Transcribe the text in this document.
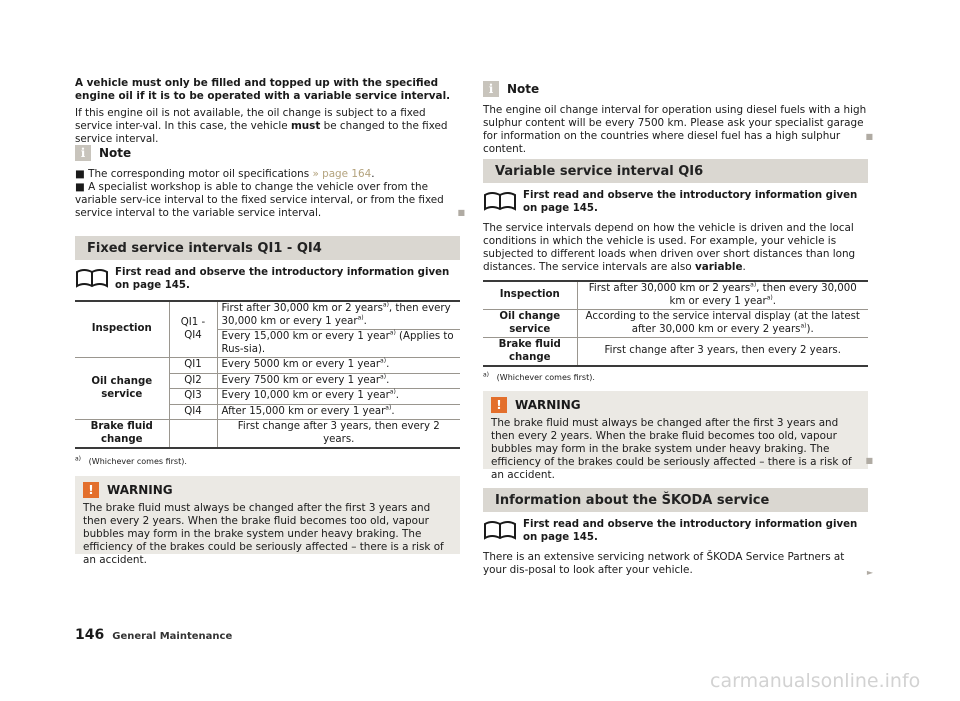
A vehicle must only be filled and topped up with the specified engine oil if it is to be operated with a variable service interval.

If this engine oil is not available, the oil change is subject to a fixed service inter-val. In this case, the vehicle must be changed to the fixed service interval.

i	Note

■ The corresponding motor oil specifications » page 164.

■ A specialist workshop is able to change the vehicle over from the variable serv-ice interval to the fixed service interval, or from the fixed service interval to the variable service interval.	■
Fixed service intervals QI1 - QI4
First read and observe the introductory information given on page 145.
Inspection	QI1 - QI4	First after 30,000 km or 2 years$^{a)}$, then every 30,000 km or every 1 year$^{a)}$.
		Every 15,000 km or every 1 year$^{a)}$ (Applies to Rus-sia).
Oil change service	QI1	Every 5000 km or every 1 year$^{a)}$.
	QI2	Every 7500 km or every 1 year$^{a)}$.
	QI3	Every 10,000 km or every 1 year$^{a)}$.
	QI4	After 15,000 km or every 1 year$^{a)}$.
Brake fluid change		First change after 3 years, then every 2 years.
$^{a)}$ (Whichever comes first).
!	WARNING

The brake fluid must always be changed after the first 3 years and then every 2 years. When the brake fluid becomes too old, vapour bubbles may form in the brake system under heavy braking. The efficiency of the brakes could be seriously affected – there is a risk of an accident.

i	Note

The engine oil change interval for operation using diesel fuels with a high sulphur content will be every 7500 km. Please ask your specialist garage for information on the countries where diesel fuel has a high sulphur content.

■
Variable service interval QI6
First read and observe the introductory information given on page 145.

The service intervals depend on how the vehicle is driven and the local conditions in which the vehicle is used. For example, your vehicle is subjected to different loads when driven over short distances than long distances. The service intervals are also variable.

Inspection	First after 30,000 km or 2 years$^{a)}$, then every 30,000 km or every 1 year$^{a)}$.
Oil change service	According to the service interval display (at the latest after 30,000 km or every 2 years$^{a)}$).
Brake fluid change	First change after 3 years, then every 2 years.
$^{a)}$ (Whichever comes first).
!	WARNING

The brake fluid must always be changed after the first 3 years and then every 2 years. When the brake fluid becomes too old, vapour bubbles may form in the brake system under heavy braking. The efficiency of the brakes could be seriously affected – there is a risk of an accident.

■
Information about the ŠKODA service
First read and observe the introductory information given on page 145.

There is an extensive servicing network of ŠKODA Service Partners at your dis-posal to look after your vehicle.	►
146 General Maintenance
carmanualsonline.info
